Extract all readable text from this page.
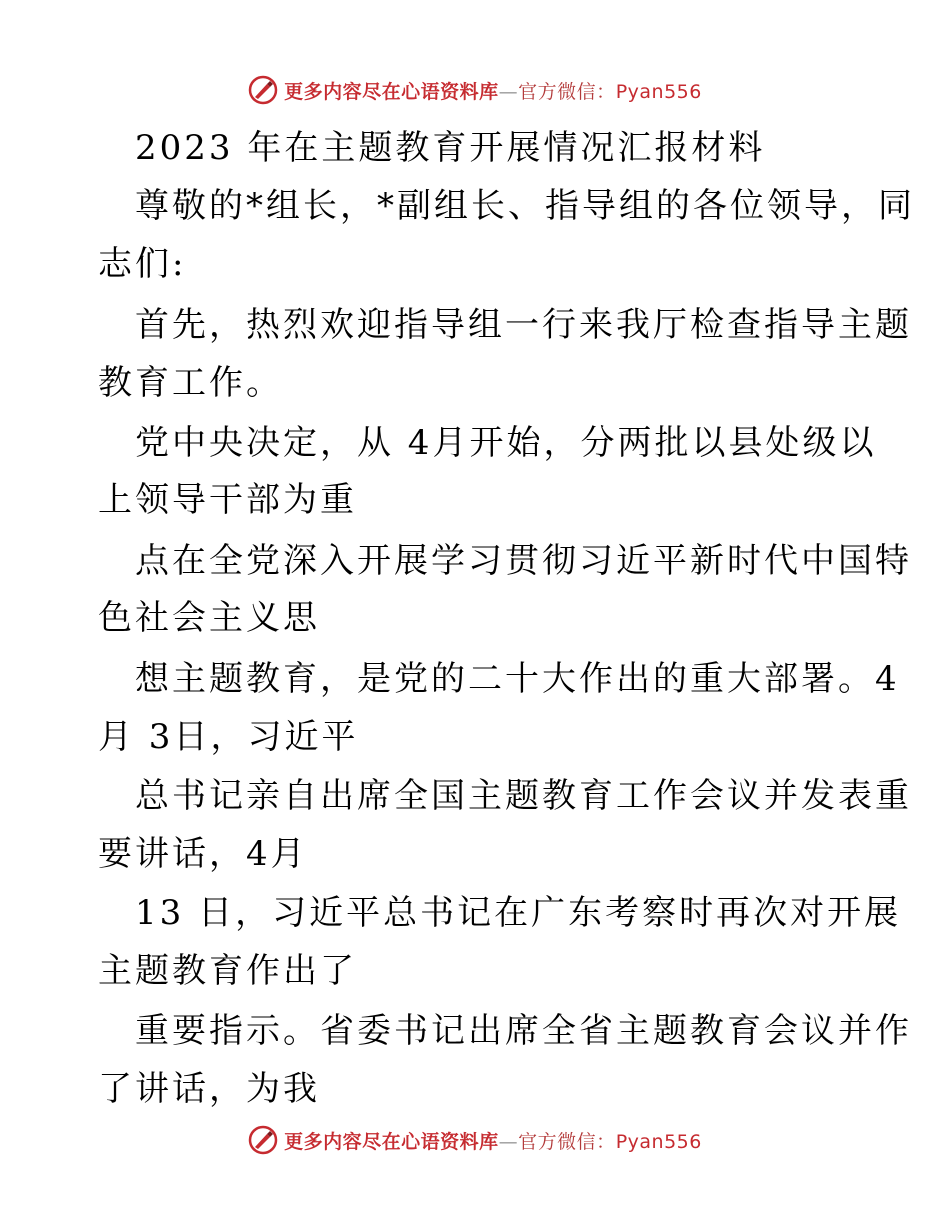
更多内容尽在心语资料库—官方微信：Pyan556
2023 年在主题教育开展情况汇报材料
尊敬的*组长，*副组长、指导组的各位领导，同
志们:
首先，热烈欢迎指导组一行来我厅检查指导主题
教育工作。
党中央决定，从 4月开始，分两批以县处级以
上领导干部为重
点在全党深入开展学习贯彻习近平新时代中国特
色社会主义思
想主题教育，是党的二十大作出的重大部署。4
月 3日，习近平
总书记亲自出席全国主题教育工作会议并发表重
要讲话，4月
13 日，习近平总书记在广东考察时再次对开展
主题教育作出了
重要指示。省委书记出席全省主题教育会议并作
了讲话，为我
更多内容尽在心语资料库—官方微信：Pyan556
